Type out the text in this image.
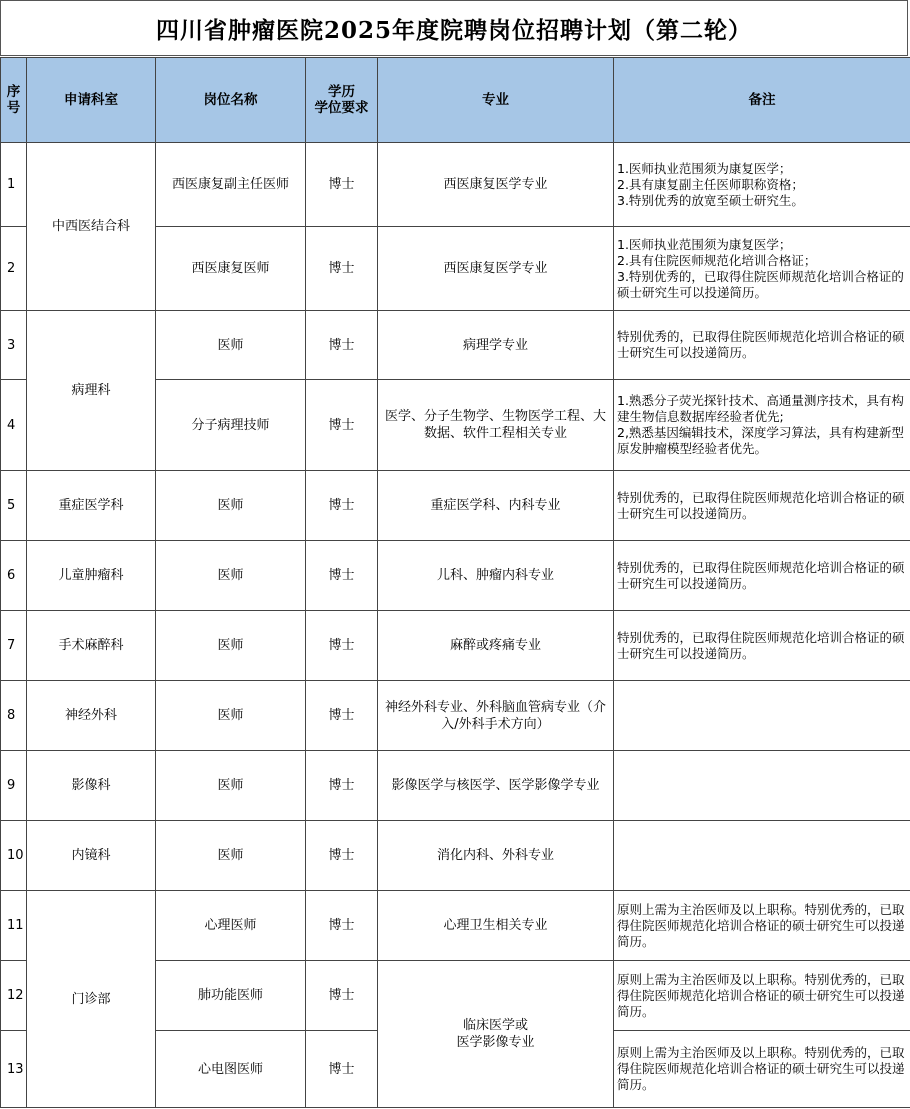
四川省肿瘤医院2025年度院聘岗位招聘计划（第二轮）
序
号	申请科室	岗位名称	学历
学位要求	专业	备注
1	中西医结合科	西医康复副主任医师	博士	西医康复医学专业	1.医师执业范围须为康复医学；
2.具有康复副主任医师职称资格；
3.特别优秀的放宽至硕士研究生。

2		西医康复医师	博士	西医康复医学专业	1.医师执业范围须为康复医学；
2.具有住院医师规范化培训合格证；
3.特别优秀的，已取得住院医师规范化培训合格证的硕士研究生可以投递简历。

3	病理科	医师	博士	病理学专业	特别优秀的，已取得住院医师规范化培训合格证的硕士研究生可以投递简历。

4		分子病理技师	博士	医学、分子生物学、生物医学工程、大数据、软件工程相关专业	1.熟悉分子荧光探针技术、高通量测序技术，具有构建生物信息数据库经验者优先;
2,熟悉基因编辑技术，深度学习算法，具有构建新型原发肿瘤模型经验者优先。

5	重症医学科	医师	博士	重症医学科、内科专业	特别优秀的，已取得住院医师规范化培训合格证的硕士研究生可以投递简历。

6	儿童肿瘤科	医师	博士	儿科、肿瘤内科专业	特别优秀的，已取得住院医师规范化培训合格证的硕士研究生可以投递简历。

7	手术麻醉科	医师	博士	麻醉或疼痛专业	特别优秀的，已取得住院医师规范化培训合格证的硕士研究生可以投递简历。

8	神经外科	医师	博士	神经外科专业、外科脑血管病专业（介入/外科手术方向）	
9	影像科	医师	博士	影像医学与核医学、医学影像学专业	
10	内镜科	医师	博士	消化内科、外科专业	
11	门诊部	心理医师	博士	心理卫生相关专业	原则上需为主治医师及以上职称。特别优秀的，已取得住院医师规范化培训合格证的硕士研究生可以投递简历。

12		肺功能医师	博士	临床医学或
医学影像专业	原则上需为主治医师及以上职称。特别优秀的，已取得住院医师规范化培训合格证的硕士研究生可以投递简历。

13		心电图医师	博士		原则上需为主治医师及以上职称。特别优秀的，已取得住院医师规范化培训合格证的硕士研究生可以投递简历。
